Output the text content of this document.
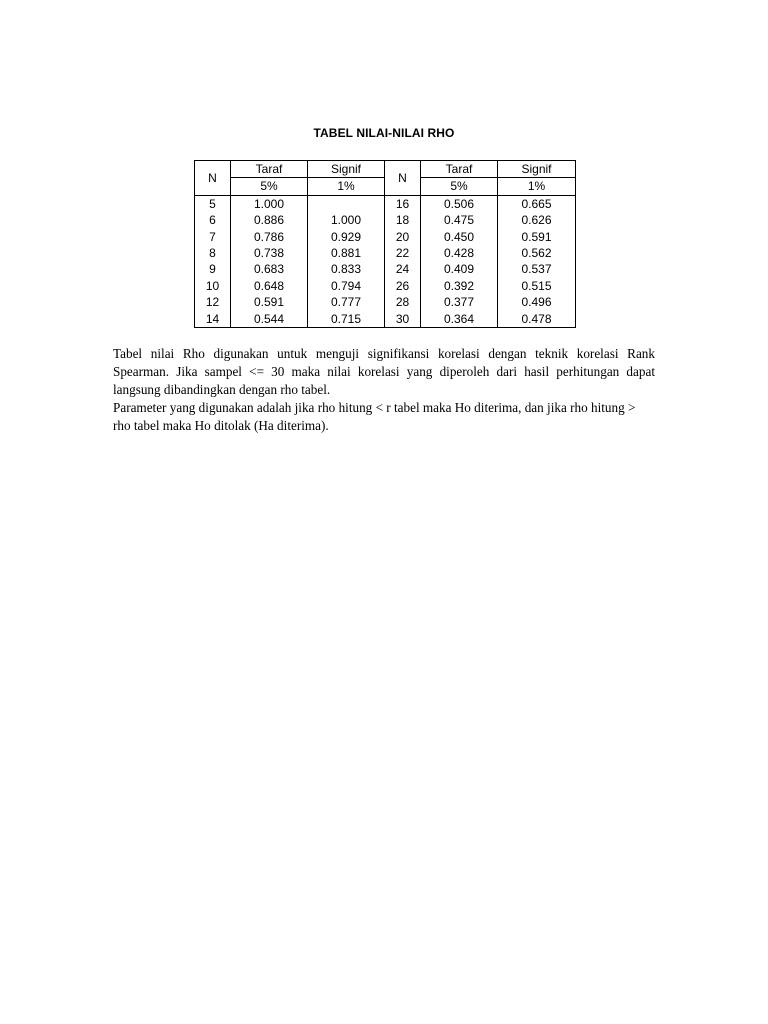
TABEL NILAI-NILAI RHO
N	Taraf	Signif	N	Taraf	Signif
	5%	1%		5%	1%
5	1.000		16	0.506	0.665
6	0.886	1.000	18	0.475	0.626
7	0.786	0.929	20	0.450	0.591
8	0.738	0.881	22	0.428	0.562
9	0.683	0.833	24	0.409	0.537
10	0.648	0.794	26	0.392	0.515
12	0.591	0.777	28	0.377	0.496
14	0.544	0.715	30	0.364	0.478

Tabel nilai Rho digunakan untuk menguji signifikansi korelasi dengan teknik korelasi Rank Spearman. Jika sampel <= 30 maka nilai korelasi yang diperoleh dari hasil perhitungan dapat langsung dibandingkan dengan rho tabel.

Parameter yang digunakan adalah jika rho hitung < r tabel maka Ho diterima, dan jika rho hitung > rho tabel maka Ho ditolak (Ha diterima).
